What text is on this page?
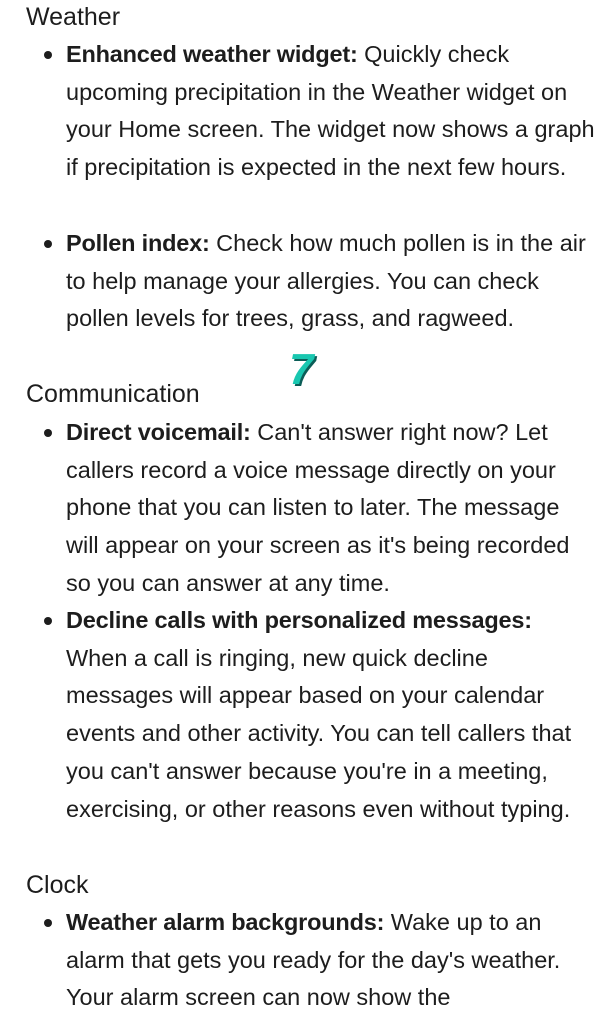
Weather
Enhanced weather widget: Quickly check upcoming precipitation in the Weather widget on your Home screen. The widget now shows a graph if precipitation is expected in the next few hours.
Pollen index: Check how much pollen is in the air to help manage your allergies. You can check pollen levels for trees, grass, and ragweed.
7
Communication
Direct voicemail: Can't answer right now? Let callers record a voice message directly on your phone that you can listen to later. The message will appear on your screen as it's being recorded so you can answer at any time.
Decline calls with personalized messages: When a call is ringing, new quick decline messages will appear based on your calendar events and other activity. You can tell callers that you can't answer because you're in a meeting, exercising, or other reasons even without typing.
Clock
Weather alarm backgrounds: Wake up to an alarm that gets you ready for the day's weather. Your alarm screen can now show the
